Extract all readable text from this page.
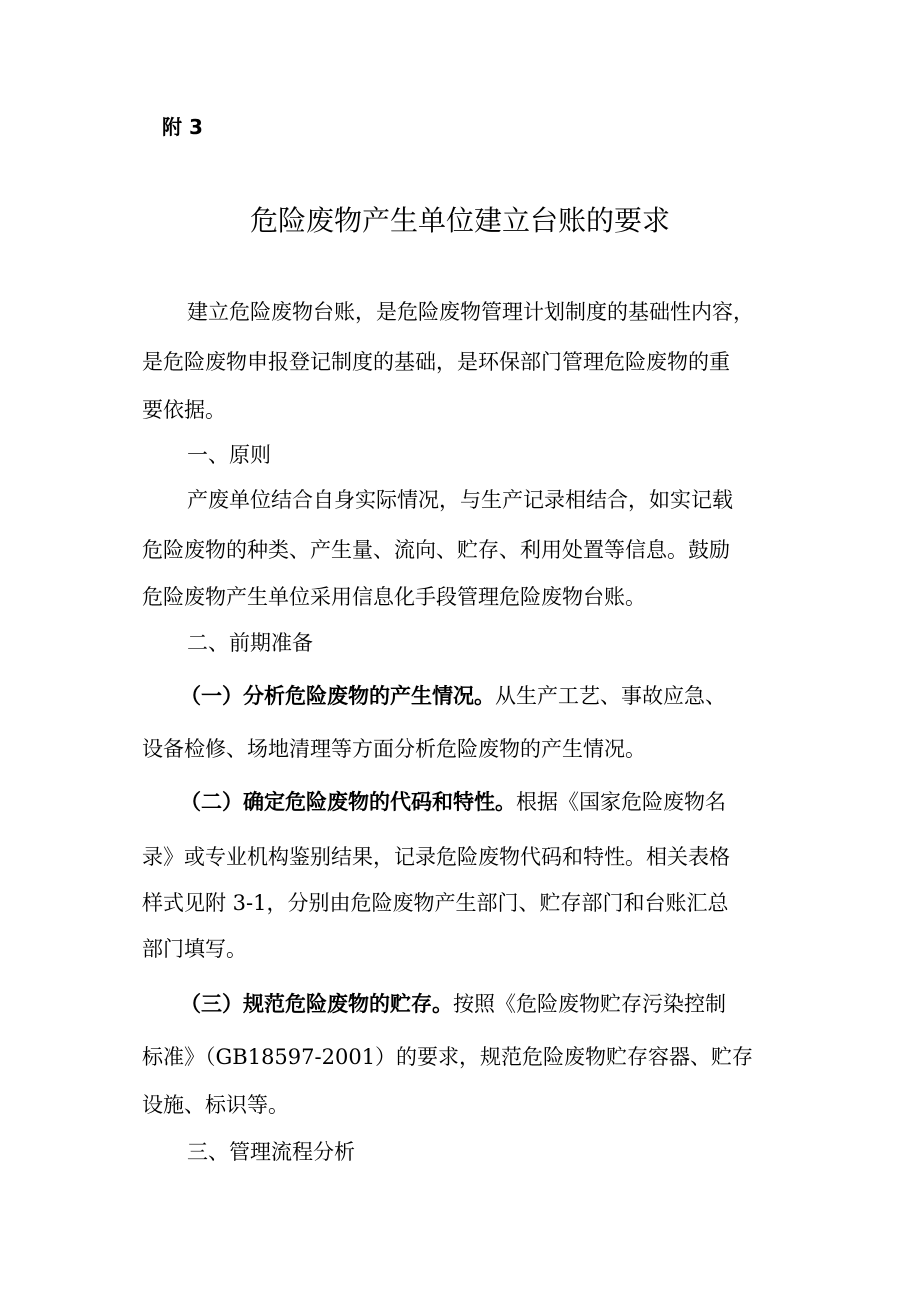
附 3
危险废物产生单位建立台账的要求
建立危险废物台账，是危险废物管理计划制度的基础性内容，
是危险废物申报登记制度的基础，是环保部门管理危险废物的重
要依据。
一、原则
产废单位结合自身实际情况，与生产记录相结合，如实记载
危险废物的种类、产生量、流向、贮存、利用处置等信息。鼓励
危险废物产生单位采用信息化手段管理危险废物台账。
二、前期准备
（一）分析危险废物的产生情况。从生产工艺、事故应急、
设备检修、场地清理等方面分析危险废物的产生情况。
（二）确定危险废物的代码和特性。根据《国家危险废物名
录》或专业机构鉴别结果，记录危险废物代码和特性。相关表格
样式见附 3-1，分别由危险废物产生部门、贮存部门和台账汇总
部门填写。
（三）规范危险废物的贮存。按照《危险废物贮存污染控制
标准》（GB18597-2001）的要求，规范危险废物贮存容器、贮存
设施、标识等。
三、管理流程分析
